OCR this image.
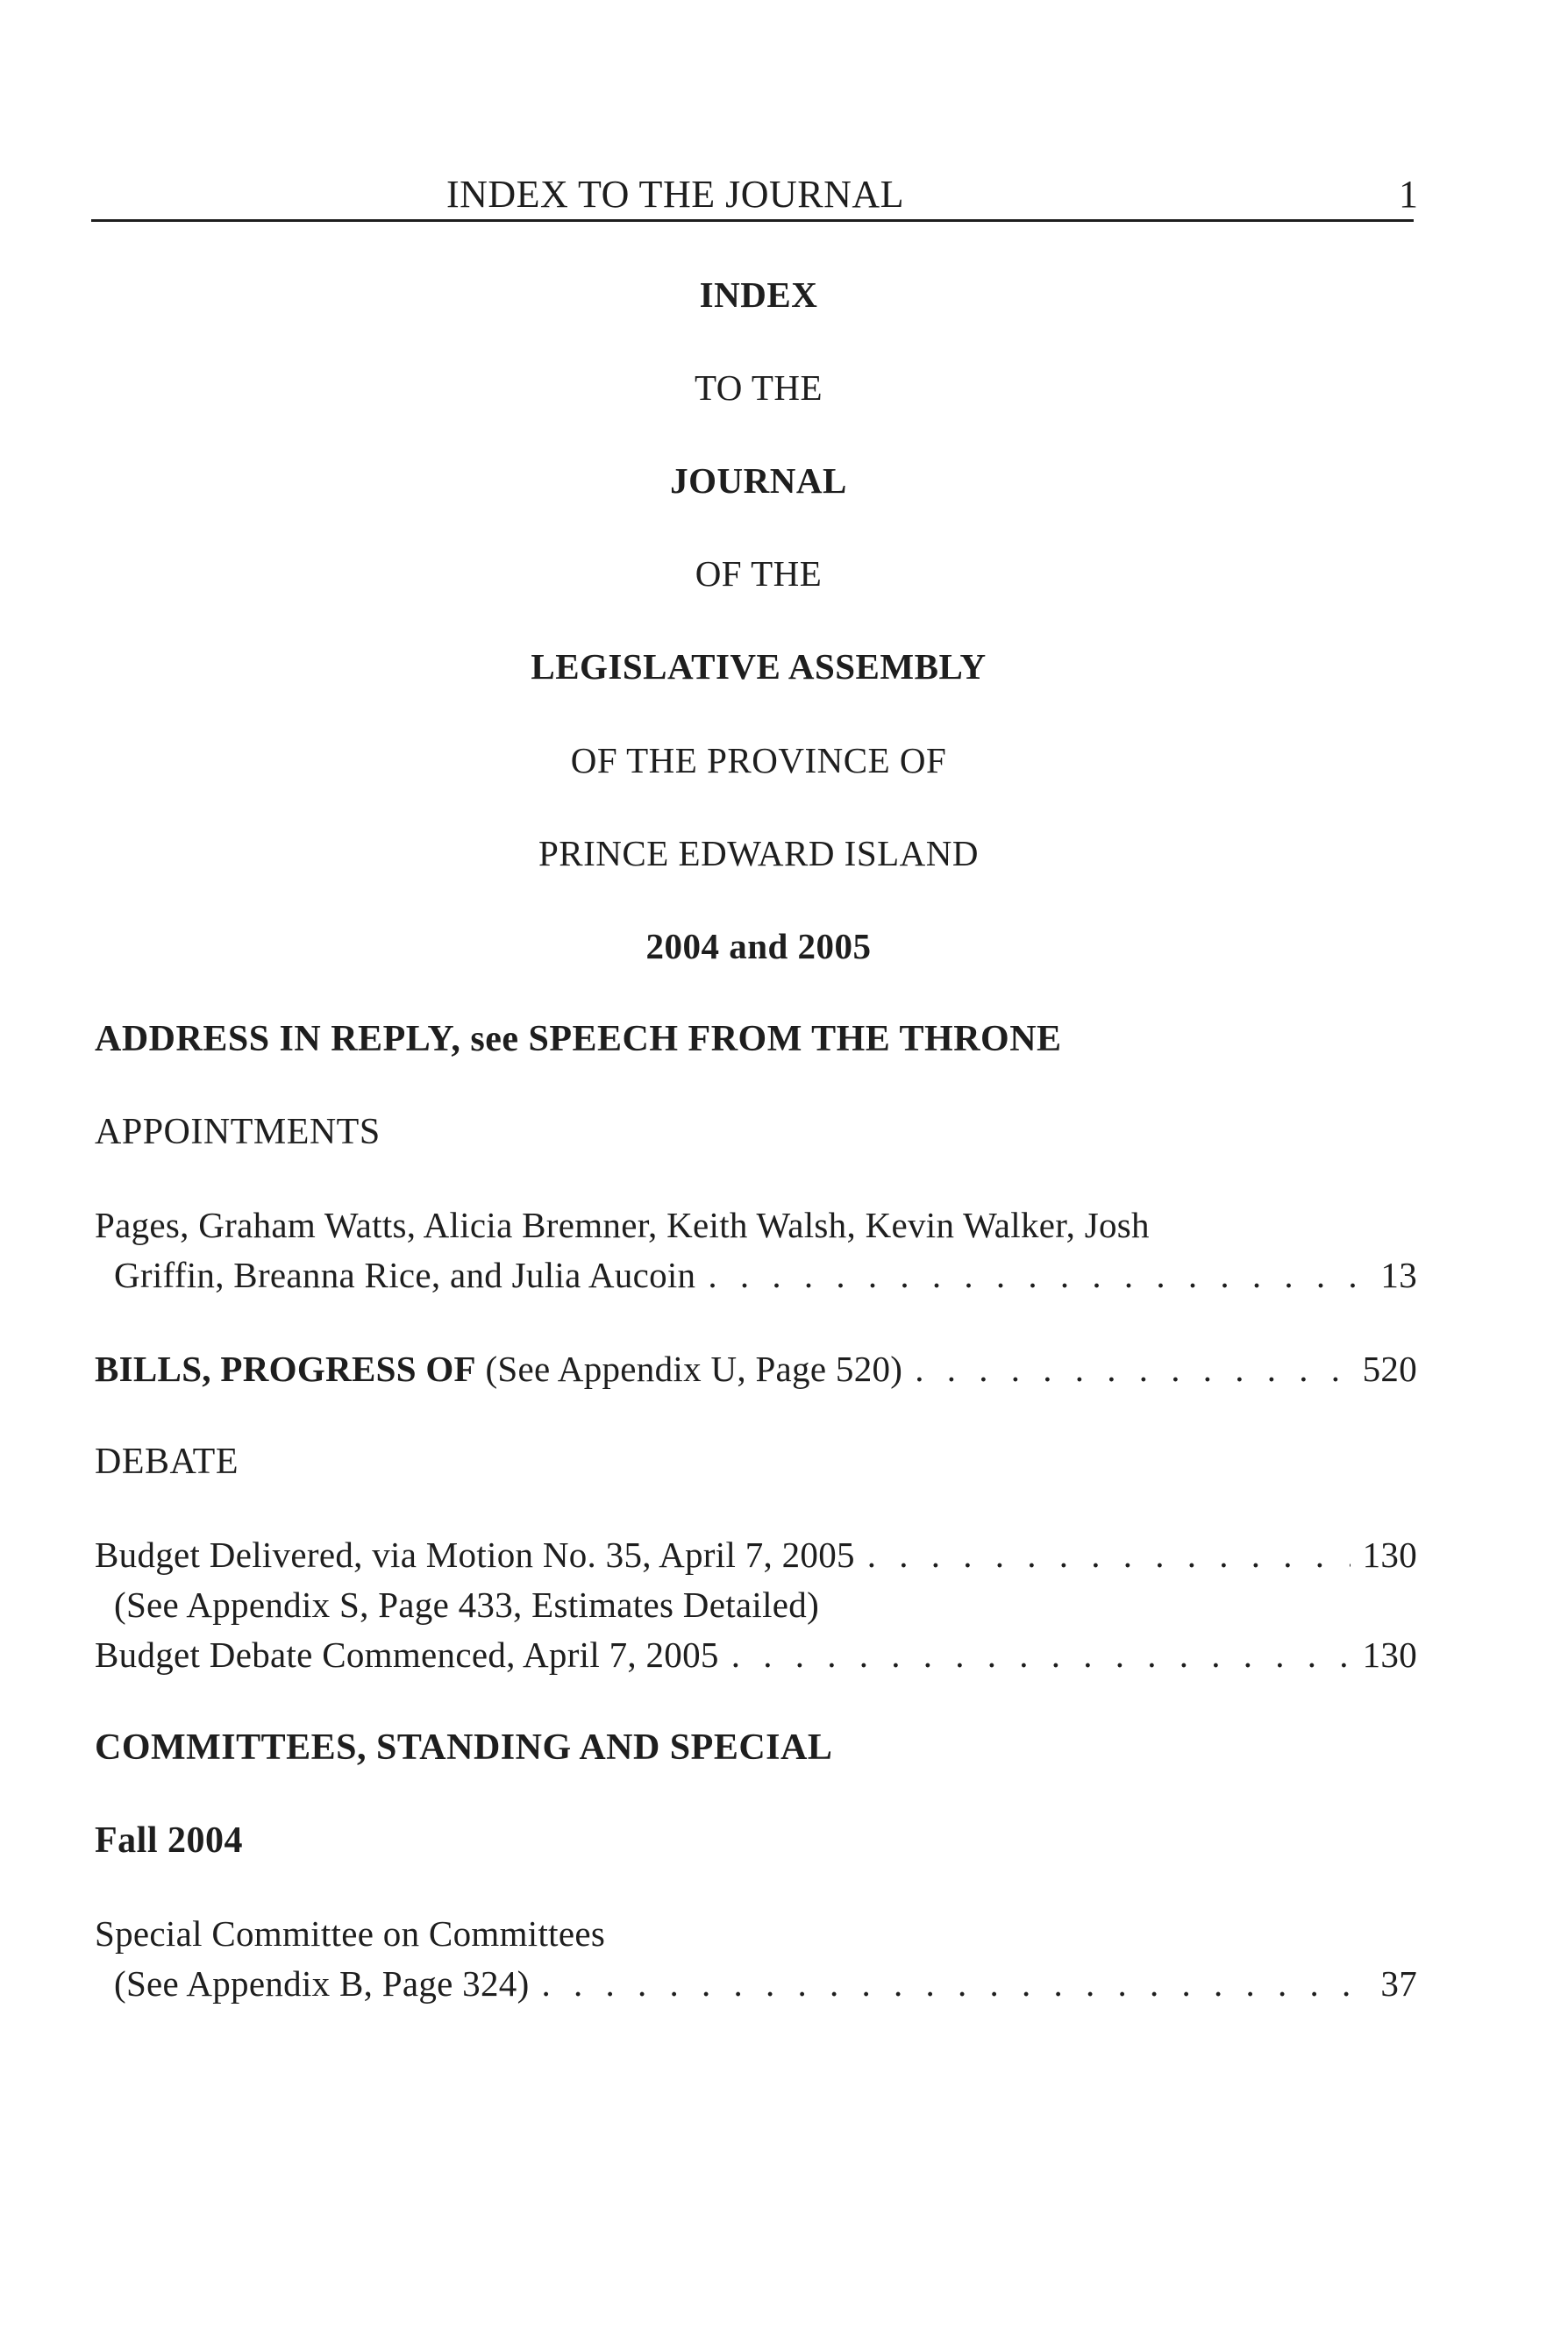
INDEX TO THE JOURNAL	1
INDEX
TO THE
JOURNAL
OF THE
LEGISLATIVE ASSEMBLY
OF THE PROVINCE OF
PRINCE EDWARD ISLAND
2004 and 2005
ADDRESS IN REPLY, see SPEECH FROM THE THRONE
APPOINTMENTS
Pages, Graham Watts, Alicia Bremner, Keith Walsh, Kevin Walker, Josh
Griffin, Breanna Rice, and Julia Aucoin . . .	13
BILLS, PROGRESS OF (See Appendix U, Page 520) . . .	520
DEBATE
Budget Delivered, via Motion No. 35, April 7, 2005 . . .	130
(See Appendix S, Page 433, Estimates Detailed)
Budget Debate Commenced, April 7, 2005 . . .	130
COMMITTEES, STANDING AND SPECIAL
Fall 2004
Special Committee on Committees
(See Appendix B, Page 324) . . .	37
